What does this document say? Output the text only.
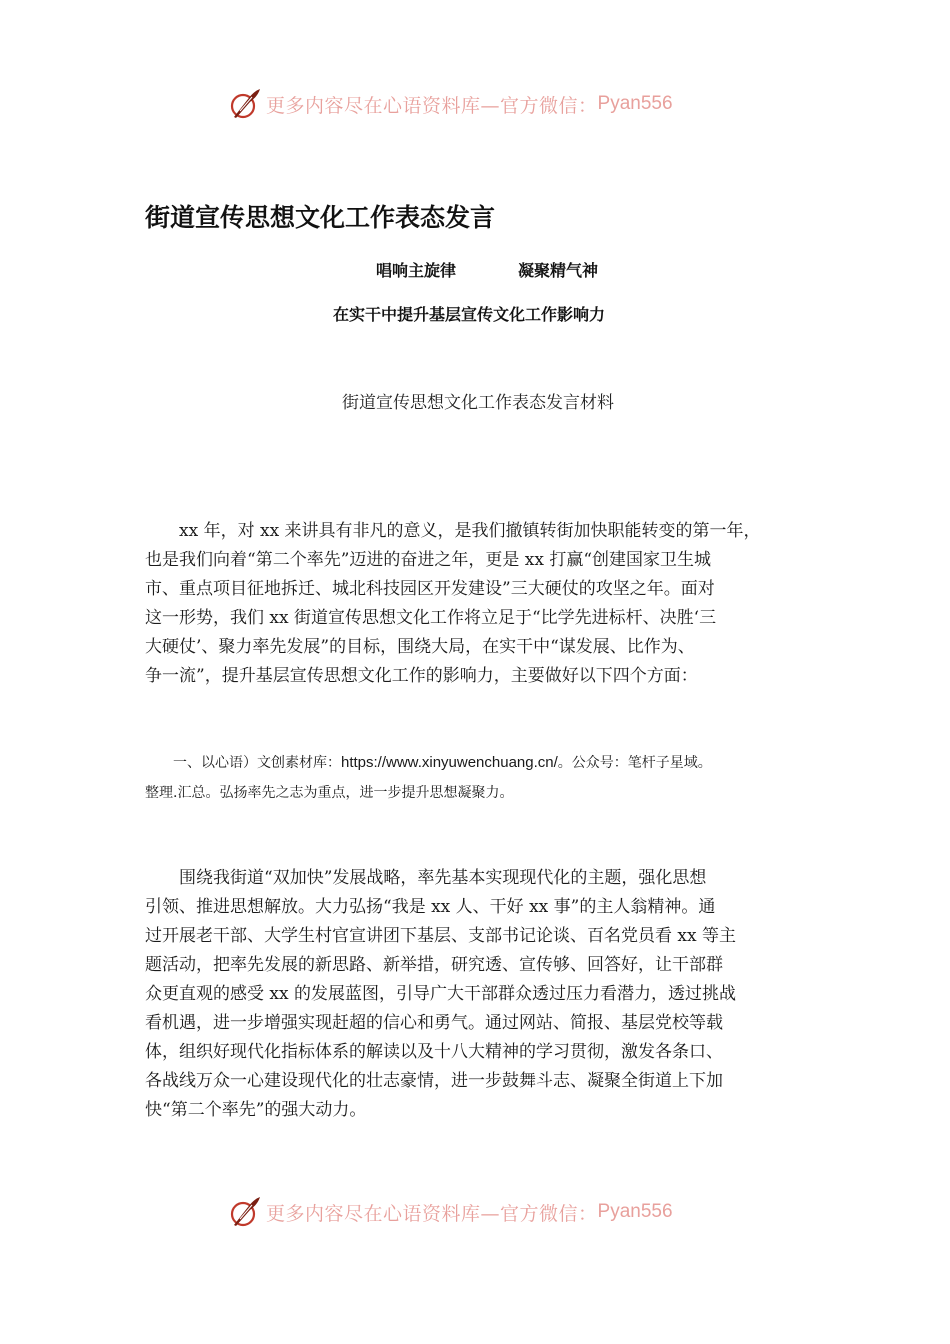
更多内容尽在心语资料库—官方微信： Pyan556
街道宣传思想文化工作表态发言
唱响主旋律	凝聚精气神
在实干中提升基层宣传文化工作影响力
街道宣传思想文化工作表态发言材料
　　xx 年，对 xx 来讲具有非凡的意义，是我们撤镇转街加快职能转变的第一年，
也是我们向着“第二个率先”迈进的奋进之年，更是 xx 打赢“创建国家卫生城
市、重点项目征地拆迁、城北科技园区开发建设”三大硬仗的攻坚之年。面对
这一形势，我们 xx 街道宣传思想文化工作将立足于“比学先进标杆、决胜‘三
大硬仗’、聚力率先发展”的目标，围绕大局，在实干中“谋发展、比作为、
争一流”，提升基层宣传思想文化工作的影响力，主要做好以下四个方面：
　　一、以心语）文创素材库：https://www.xinyuwenchuang.cn/。公众号：笔杆子星域。
整理.汇总。弘扬率先之志为重点，进一步提升思想凝聚力。
　　围绕我街道“双加快”发展战略，率先基本实现现代化的主题，强化思想
引领、推进思想解放。大力弘扬“我是 xx 人、干好 xx 事”的主人翁精神。通
过开展老干部、大学生村官宣讲团下基层、支部书记论谈、百名党员看 xx 等主
题活动，把率先发展的新思路、新举措，研究透、宣传够、回答好，让干部群
众更直观的感受 xx 的发展蓝图，引导广大干部群众透过压力看潜力，透过挑战
看机遇，进一步增强实现赶超的信心和勇气。通过网站、简报、基层党校等载
体，组织好现代化指标体系的解读以及十八大精神的学习贯彻，激发各条口、
各战线万众一心建设现代化的壮志豪情，进一步鼓舞斗志、凝聚全街道上下加
快“第二个率先”的强大动力。
更多内容尽在心语资料库—官方微信： Pyan556
